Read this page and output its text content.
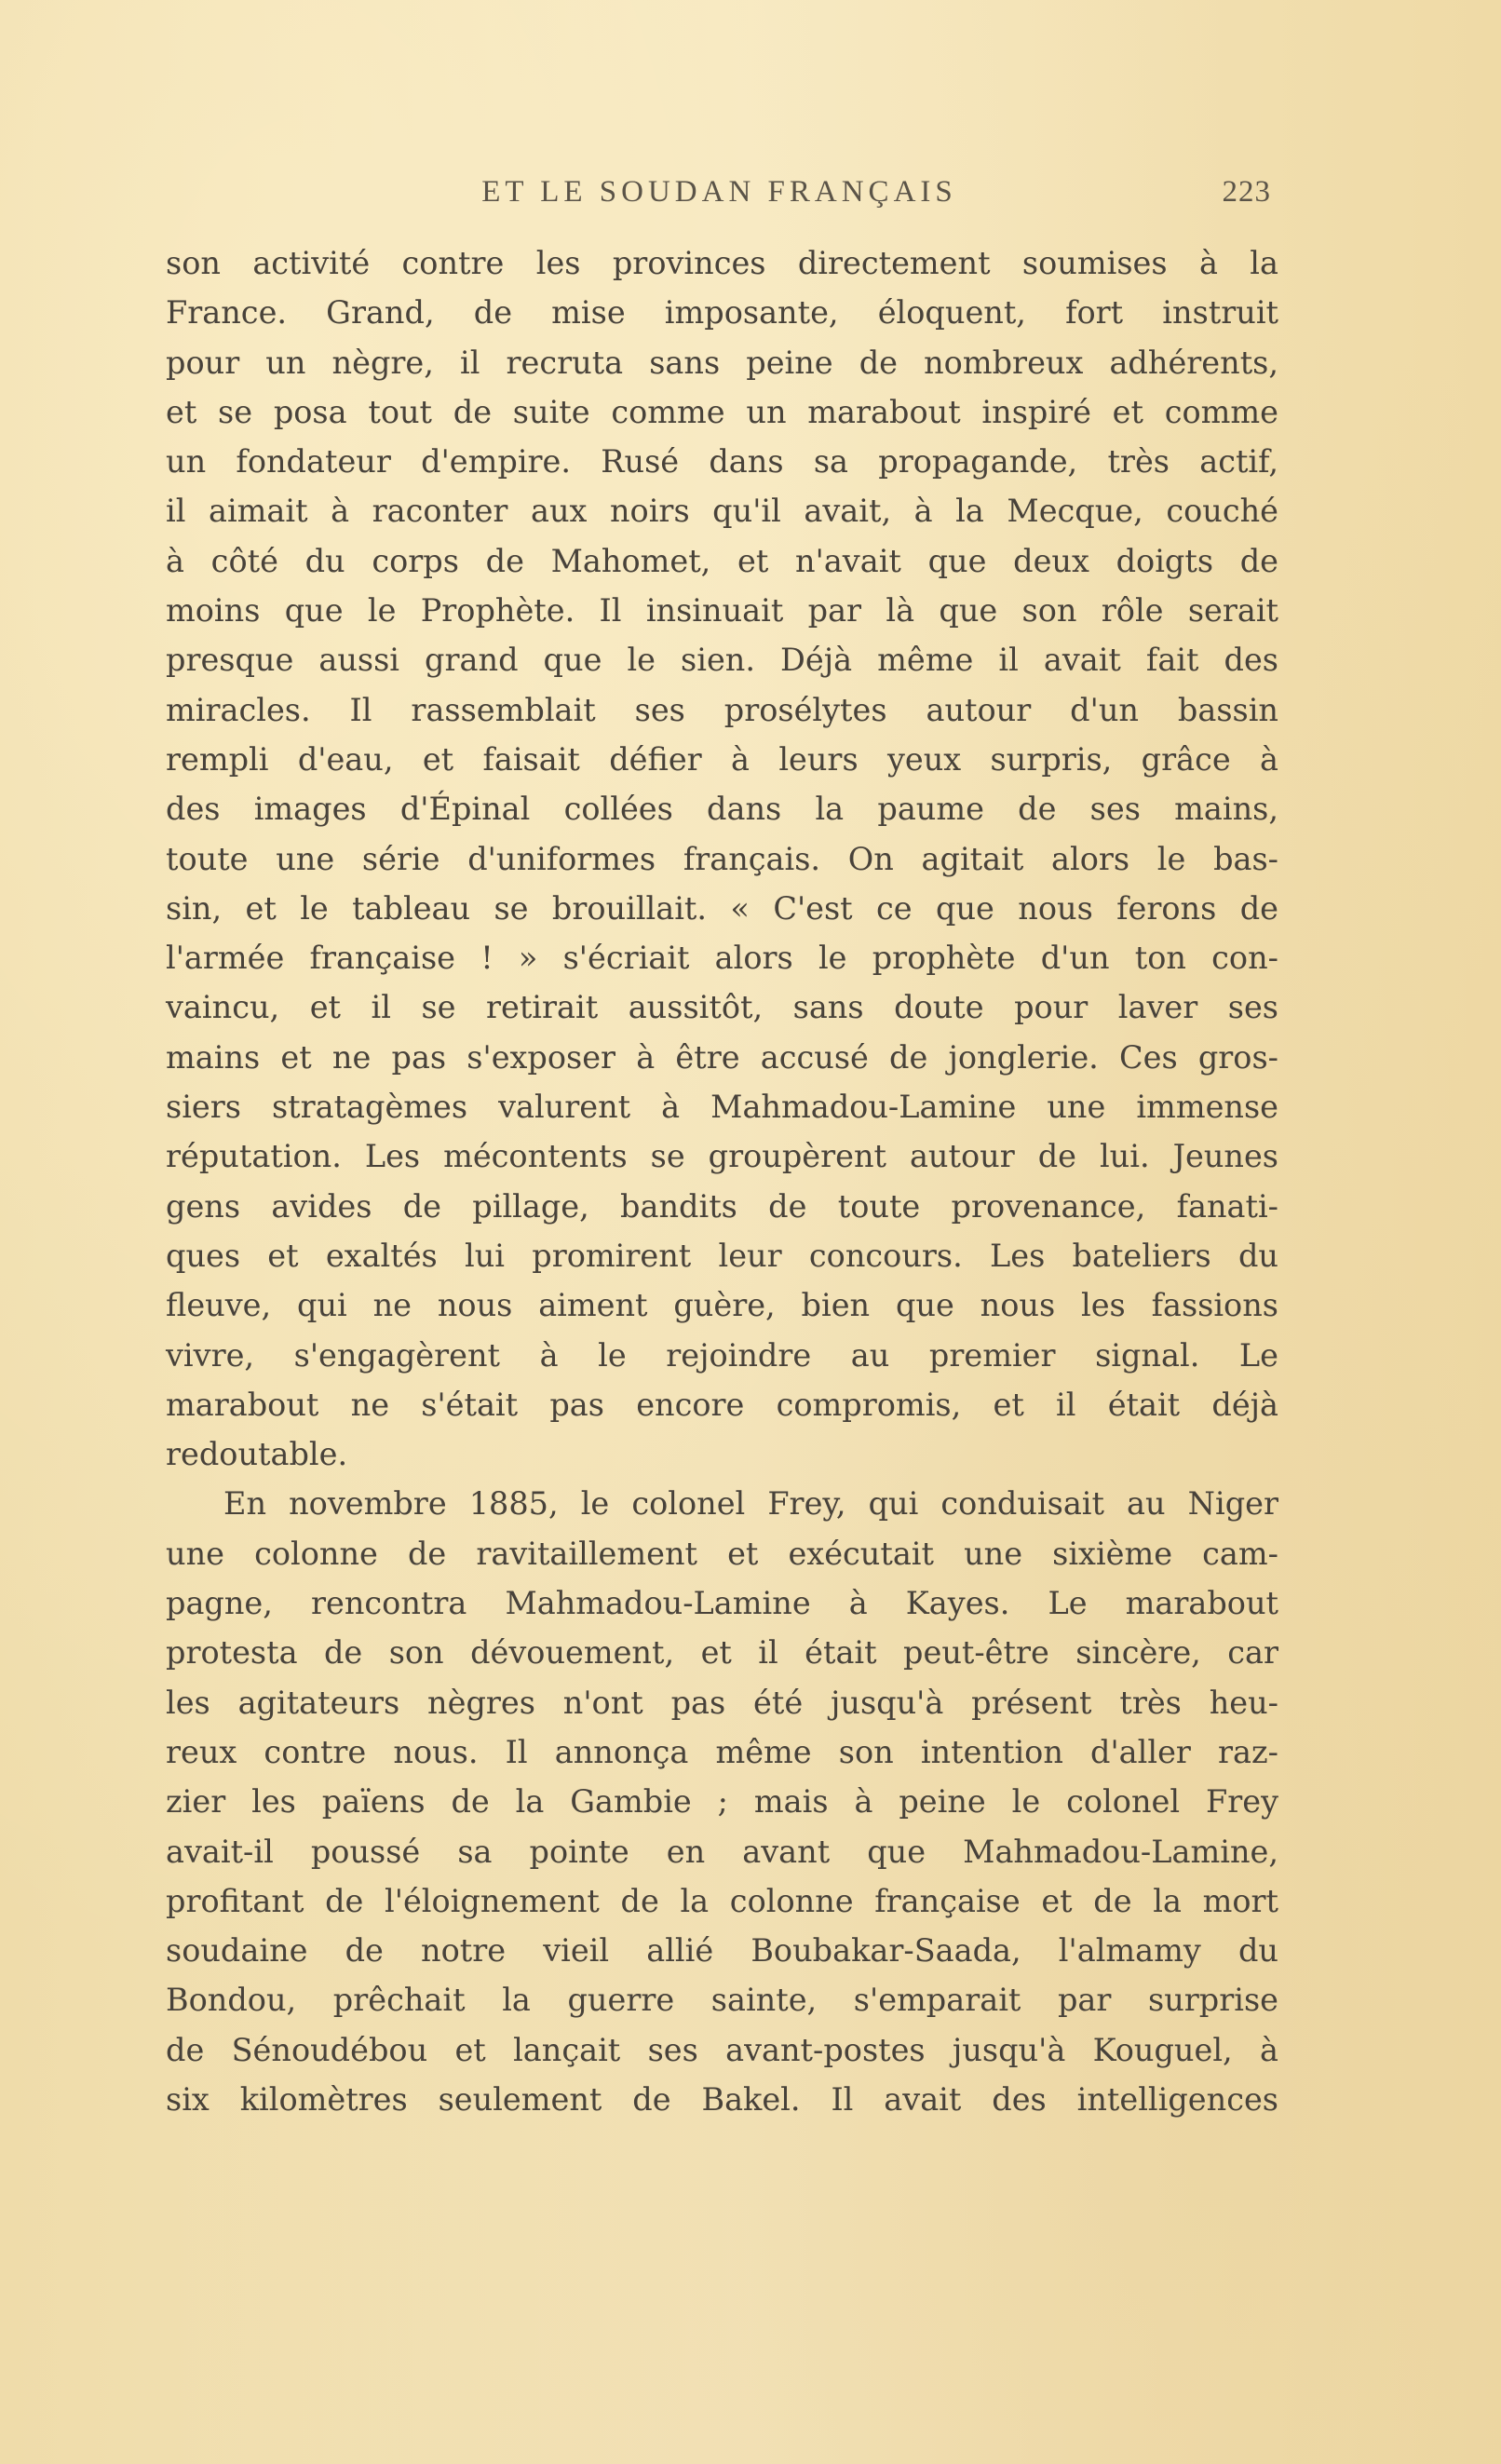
ET LE SOUDAN FRANÇAIS	223
son activité contre les provinces directement soumises à la
France. Grand, de mise imposante, éloquent, fort instruit
pour un nègre, il recruta sans peine de nombreux adhérents,
et se posa tout de suite comme un marabout inspiré et comme
un fondateur d'empire. Rusé dans sa propagande, très actif,
il aimait à raconter aux noirs qu'il avait, à la Mecque, couché
à côté du corps de Mahomet, et n'avait que deux doigts de
moins que le Prophète. Il insinuait par là que son rôle serait
presque aussi grand que le sien. Déjà même il avait fait des
miracles. Il rassemblait ses prosélytes autour d'un bassin
rempli d'eau, et faisait défier à leurs yeux surpris, grâce à
des images d'Épinal collées dans la paume de ses mains,
toute une série d'uniformes français. On agitait alors le bas-
sin, et le tableau se brouillait. « C'est ce que nous ferons de
l'armée française ! » s'écriait alors le prophète d'un ton con-
vaincu, et il se retirait aussitôt, sans doute pour laver ses
mains et ne pas s'exposer à être accusé de jonglerie. Ces gros-
siers stratagèmes valurent à Mahmadou-Lamine une immense
réputation. Les mécontents se groupèrent autour de lui. Jeunes
gens avides de pillage, bandits de toute provenance, fanati-
ques et exaltés lui promirent leur concours. Les bateliers du
fleuve, qui ne nous aiment guère, bien que nous les fassions
vivre, s'engagèrent à le rejoindre au premier signal. Le
marabout ne s'était pas encore compromis, et il était déjà
redoutable.
En novembre 1885, le colonel Frey, qui conduisait au Niger
une colonne de ravitaillement et exécutait une sixième cam-
pagne, rencontra Mahmadou-Lamine à Kayes. Le marabout
protesta de son dévouement, et il était peut-être sincère, car
les agitateurs nègres n'ont pas été jusqu'à présent très heu-
reux contre nous. Il annonça même son intention d'aller raz-
zier les païens de la Gambie ; mais à peine le colonel Frey
avait-il poussé sa pointe en avant que Mahmadou-Lamine,
profitant de l'éloignement de la colonne française et de la mort
soudaine de notre vieil allié Boubakar-Saada, l'almamy du
Bondou, prêchait la guerre sainte, s'emparait par surprise
de Sénoudébou et lançait ses avant-postes jusqu'à Kouguel, à
six kilomètres seulement de Bakel. Il avait des intelligences
